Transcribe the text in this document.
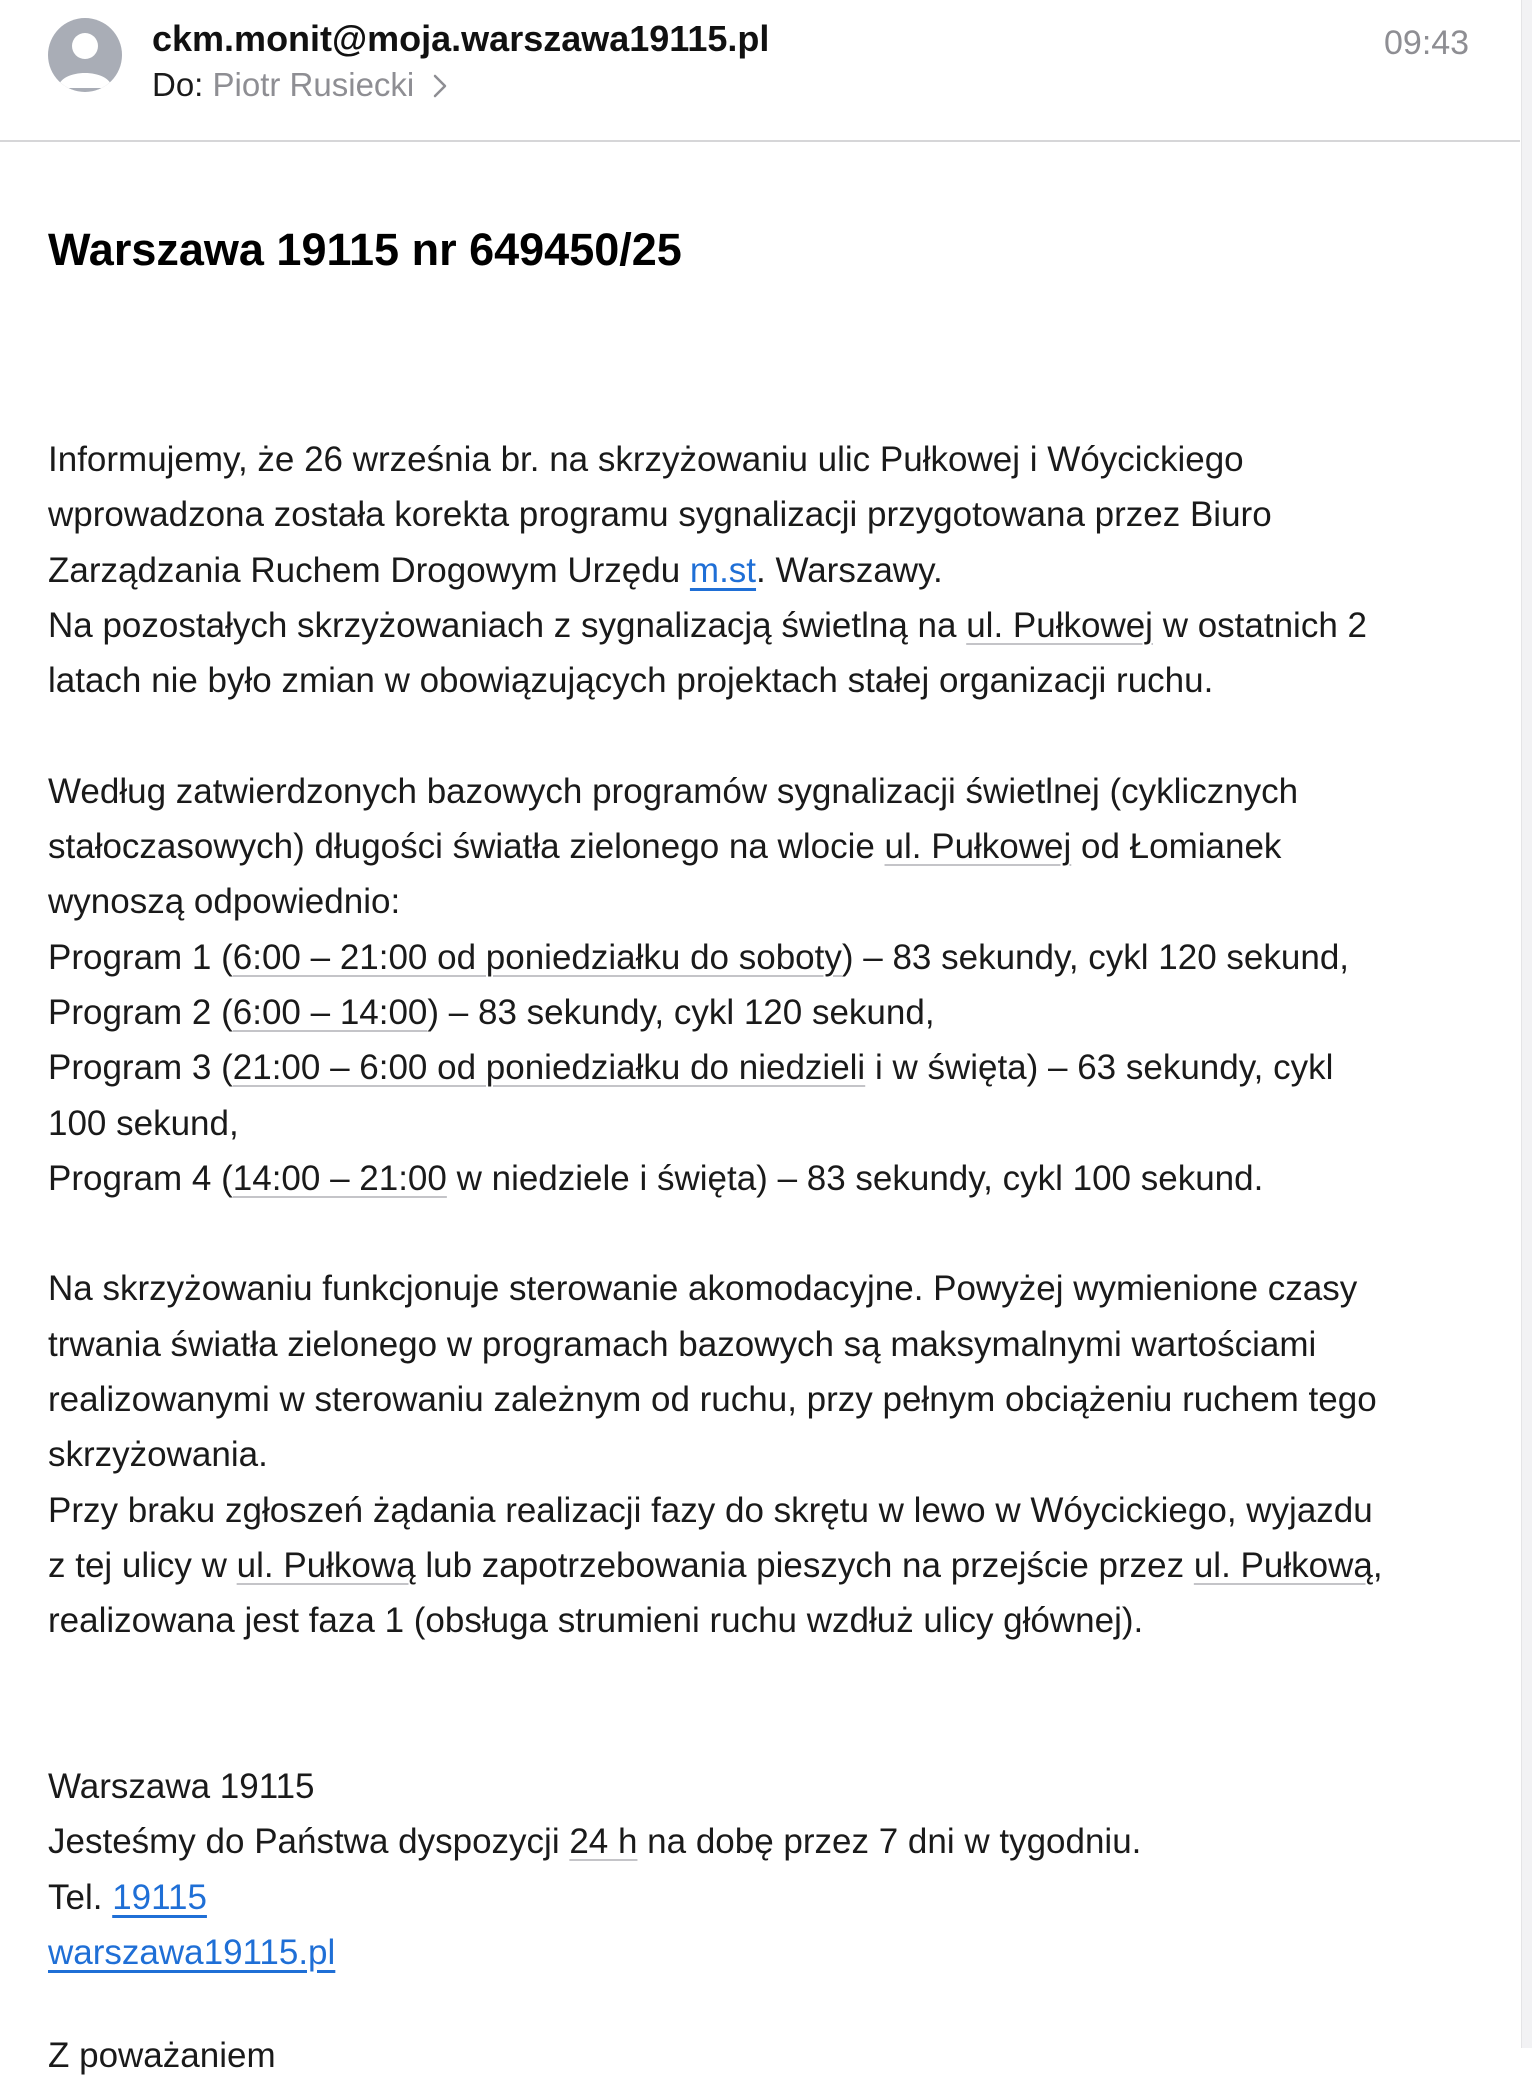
ckm.monit@moja.warszawa19115.pl
Do: Piotr Rusiecki
09:43
Warszawa 19115 nr 649450/25
Informujemy, że 26 września br. na skrzyżowaniu ulic Pułkowej i Wóycickiego
wprowadzona została korekta programu sygnalizacji przygotowana przez Biuro
Zarządzania Ruchem Drogowym Urzędu m.st. Warszawy.
Na pozostałych skrzyżowaniach z sygnalizacją świetlną na ul. Pułkowej w ostatnich 2
latach nie było zmian w obowiązujących projektach stałej organizacji ruchu.
Według zatwierdzonych bazowych programów sygnalizacji świetlnej (cyklicznych
stałoczasowych) długości światła zielonego na wlocie ul. Pułkowej od Łomianek
wynoszą odpowiednio:
Program 1 (6:00 – 21:00 od poniedziałku do soboty) – 83 sekundy, cykl 120 sekund,
Program 2 (6:00 – 14:00) – 83 sekundy, cykl 120 sekund,
Program 3 (21:00 – 6:00 od poniedziałku do niedzieli i w święta) – 63 sekundy, cykl
100 sekund,
Program 4 (14:00 – 21:00 w niedziele i święta) – 83 sekundy, cykl 100 sekund.
Na skrzyżowaniu funkcjonuje sterowanie akomodacyjne. Powyżej wymienione czasy
trwania światła zielonego w programach bazowych są maksymalnymi wartościami
realizowanymi w sterowaniu zależnym od ruchu, przy pełnym obciążeniu ruchem tego
skrzyżowania.
Przy braku zgłoszeń żądania realizacji fazy do skrętu w lewo w Wóycickiego, wyjazdu
z tej ulicy w ul. Pułkową lub zapotrzebowania pieszych na przejście przez ul. Pułkową,
realizowana jest faza 1 (obsługa strumieni ruchu wzdłuż ulicy głównej).
Warszawa 19115
Jesteśmy do Państwa dyspozycji 24 h na dobę przez 7 dni w tygodniu.
Tel. 19115
warszawa19115.pl
Z poważaniem
